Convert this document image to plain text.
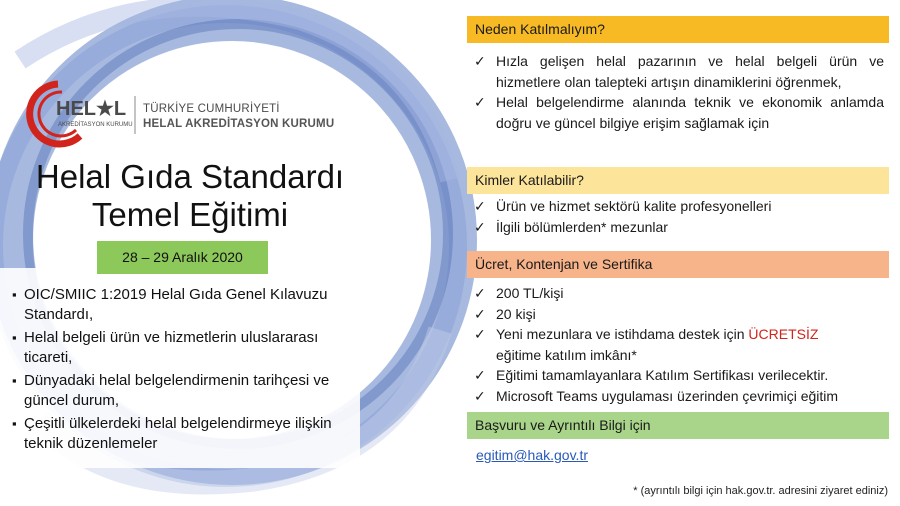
HEL★L
AKREDİTASYON KURUMU
TÜRKİYE CUMHURİYETİ
HELAL AKREDİTASYON KURUMU
Helal Gıda Standardı
Temel Eğitimi
28 – 29 Aralık 2020
▪ OIC/SMIIC 1:2019 Helal Gıda Genel Kılavuzu Standardı,
▪ Helal belgeli ürün ve hizmetlerin uluslararası ticareti,
▪ Dünyadaki helal belgelendirmenin tarihçesi ve güncel durum,
▪ Çeşitli ülkelerdeki helal belgelendirmeye ilişkin teknik düzenlemeler
Neden Katılmalıyım?
✓ Hızla gelişen helal pazarının ve helal belgeli ürün ve hizmetlere olan talepteki artışın dinamiklerini öğrenmek,
✓ Helal belgelendirme alanında teknik ve ekonomik anlamda doğru ve güncel bilgiye erişim sağlamak için
Kimler Katılabilir?
✓ Ürün ve hizmet sektörü kalite profesyonelleri
✓ İlgili bölümlerden* mezunlar
Ücret, Kontenjan ve Sertifika
✓ 200 TL/kişi
✓ 20 kişi
✓ Yeni mezunlara ve istihdama destek için ÜCRETSİZ
eğitime katılım imkânı*
✓ Eğitimi tamamlayanlara Katılım Sertifikası verilecektir.
✓ Microsoft Teams uygulaması üzerinden çevrimiçi eğitim
Başvuru ve Ayrıntılı Bilgi için
egitim@hak.gov.tr
* (ayrıntılı bilgi için hak.gov.tr. adresini ziyaret ediniz)
